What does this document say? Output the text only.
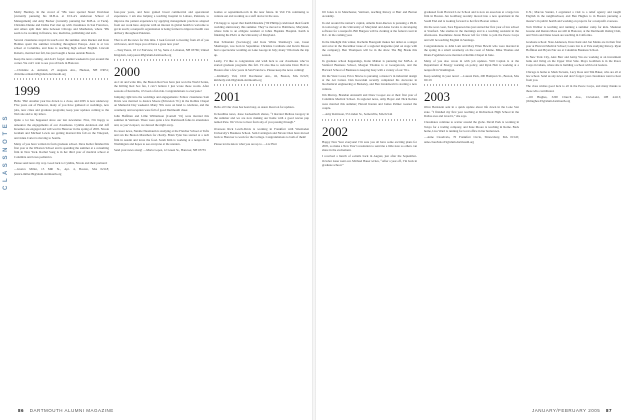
C L A S S N O T E S

Molly Hershey. In the crowd of ’98s were spotted Stuart Davidson (currently pursuing his M.B.A. at UCLA’s Anderson School of Management) and Amy Becker (currently pursuing her M.B.A. at Tuck). Christina Dunne and Dallas Port met up with classmates in San Francisco, and others split their time between Chicago and Manhattan, where ’98s seem to be working in finance, law, medicine, publishing and tech.

Several classmates stayed in touch over the summer. Alex Rucker and Kate Holmes spent the summer traveling throughout Europe. Alex is at law school at Columbia, and Kate is teaching high school English. Lincoln Roberts, married last fall, has just bought a house outside Boston.

Keep the news coming, and don’t forget: alumni weekend is just around the corner. We can’t wait to see you all back in Hanover.

—Christine A. Armand, 27 Augusta Ave., Hudson, NH 03051; christine.armand.98@alum.dartmouth.org

1999

Hello ’99s! Another year has drawn to a close, and 2005 is now underway. Five years out of Hanover, many of you have gathered at weddings, new jobs, new cities and graduate programs; keep your updates coming to the Web site and to my inbox.

Quite a lot has happened since our last newsletter. First, I’m happy to announce the engagements of our classmates. Cynthia Anderson and Jeff Kraemer are engaged and will wed in Hanover in the spring of 2005. Nicole Graham and Michael Lewis are getting married this fall on the Vineyard, and Jenna Carter is moving to Seattle.

Many of you have written in from graduate school. Dave Keller finished his first year at the Wharton School and is spending the summer at a consulting firm in New York. Rachel Song is in her third year of medical school at Columbia and loves pediatrics.

Please send news my way. Good luck to Cynthia, Nicole and their partners!

—Jessica Miller, 15 Mill St., Apt. 4, Boston, MA 02118; jessica.miller.99@alum.dartmouth.org

four-year years, and have gained broad commercial and operational experience. I am also helping a teaching hospital in Lahore, Pakistan, to improve the patient experience by applying management practices adapted from our work here. Anyone with an interest in global health is welcome to get in touch; a nonprofit organization is being formed to improve health care delivery throughout Pakistan.

That is all the news for this time. I look forward to hearing from all of you with news, and I hope you all have a great new year!

—Tony Perez, 18 1/2 Fairview, 10 Sq, Suite 2, Lebanon, NH 03766; United Kingdom, tony.perez.98@alum.dartmouth.org

2000

As I sit and write this, the Boston Red Sox have just won the World Series, the Killing Red Sox fan, I can’t believe I just wrote those words. After seasons of heartache, it’s been a fun ride. Congratulations to everyone!

Jumping right into the weddings and engagements: Fellow classmates Sam Davis was married to Jessica Moore (Princeton ’01) in the Rollins Chapel on Memorial Day weekend. Many ’00s were on hand to celebrate, and the ceremony and reception were full of good Dartmouth cheer.

John Hoffman and Lillie Williamson (Cornell ’01) were married this summer in Vermont. There were quite a few Dartmouth folks in attendance and, as you’d expect, we danced the night away.

In career news, Natalie Nussbaum is studying at the Fletcher School at Tufts and ran the Boston Marathon for charity. Brian Tyler has started at a tech firm in Austin and loves the food. Sarah Kim is working at a nonprofit in Washington and hopes to see everyone at the reunion.

Send your news along! —Maria Lopez, 12 Green St., Hanover, NH 03755

Games or septennium.com in the near future. In Vail I’m continuing to venture out and working as a staff doctor in the area.

I’m happy to report that Keith Dinsdale (’99 Phillips) celebrated their fourth wedding anniversary this summer. They’ve moved to Baltimore, Maryland, where Julia is an obligate resident at Johns Hopkins Hospital. Keith is finishing his Ph.D. at the University of Maryland.

Dan Schneider (Sociology) and Kate White Shanberg’s son, Jason Shanberger, was born in September. Christina Cardinale and Kevin Moore had a spectacular wedding on Lake George in July; many ’00s made the trip up.

Lastly, I’d like to congratulate and wish luck to our classmates who’ve started graduate programs this fall. I’d also like to welcome Dave Holl to Boston after a few years in San Francisco. Please keep the news coming!

—Kimberly Vail, 1010 Dorchester Ave., #2, Boston, MA 02125; kimberly.vail.00@alum.dartmouth.org

2001

Hello all! Our class has been busy, as usual. Read on for updates.

In headline news, Jesse Luckenbach shares, “I married Melissa Gregory in the summer and we are now making our home with a good rescue pup named Pete. We’d love to hear from any of you passing through.”

Overseas Rick Lesch-Davis is working in Frankfurt with Wiesbaden University’s Business School. Sam Carrington and Nicole Chen have moved back to Hanover to work for the College. Congratulations to both of them!

Please let me know what you are up to. —Liz Hart

Jill Jones is in Manchester, Vermont, teaching history at Burr and Burton Academy.

In and around the nation’s capital, Amelia Katz-Reeves is pursuing a Ph.D. in toxicology at the University of Maryland and Anna Jacobs is developing software for a nonprofit. Bill Burgess will be clerking at the federal court in D.C. in the coming year.

In the limelight this winter, Rachelle Bourgault makes her debut as a singer and actor in the December issue of a regional magazine (and on stage with the company). Ben Thompson will be in the show The Big Break this season.

In graduate school happenings, Katie Mahon is pursuing her M.B.A. at Stanford Business School, Morgan Thomas is at Georgetown, and the Harvard School of Business is keeping busy with a variety of our ’01s.

On the West Coast, Erica Shreve is pursuing a master’s in industrial design at the Art Center. Dan Kowalski recently completed his doctorate in biochemical engineering at Berkeley, and Ben Lindenwald is starting a new venture.

Jim Murray, Brendan Antonelli and Drew Cooper are at their first year of Columbia Medical School. In regional news, Amy Boyer and Nick Robles were married this summer; Harold Kieran and James Palmer toasted the couple.

—Amy Robinson, 55 Linden St., Somerville, MA 02144

2002

Happy New Year everyone! I’m sure you all have some exciting plans for 2005, so make a New Year’s resolution to send me a little note so others can share in the excitement.

I received a bunch of e-mails back in August, just after the September-October issue went out. Michael Bauer writes, “After a year off, I’m back in graduate school.”

graduated from Harvard Law School and is now an associate at a large law firm in Boston. Jen Goldberg recently moved into a new apartment in the South End and is looking forward to her first Boston winter.

On the west coast, Sara Epperson has just started her first year of law school at Stanford. She studies in the mornings and is a teaching assistant in the afternoons. Roommate Jessie Bower left for Chile to join the Peace Corps and will be teaching English in Santiago.

Congratulations to John Lam and Mary Ellen Hewitt who were married in the spring in a small ceremony on the coast of Maine. Mike Thomas and Diana Fogelman were married at Rollins Chapel in June.

Many of you also wrote in with job updates. Will Caplan is at the Department of Energy working on policy, and Ryan Holt is working at a nonprofit in Washington.

Keep sending in your news! —Lauren Park, 200 Hampton St., Boston, MA 02119

2003

Olive Bernstein sent in a quick update about life down in the Lone Star state. “I finished my first year teaching at Richardson High School in the Dallas area and loved it,” she says.

Classmates continue to scatter around the globe. David Park is working in Tokyo for a trading company, and Kate Moore is teaching in Rome. Back home, Lisa Ward is running for local office in her hometown.

—Anne Cloudvalo, 70 Frankfurt Circle, Shrewsbury, MA 01545; anne.cloudvalo.03@alum.dartmouth.org

U.N.; Marcus Sander, I organized a visit to a relief agency and taught English in the neighborhood, and Ben Hughes is in Boston pursuing a master’s in public health and working on projects for a nonprofit overseas.

Tom Webber is teaching and running a summer camp for kids. Shannon Greene and Renata Moss are still in Hanover, at the Dartmouth Outing Club, and Tricia and Dana Green are teaching in California.

Graduate school: Nate Anderson, Dave Kent and Jon Marks are in their first year at Harvard Medical School; Laura Lin is at Yale studying history. Ryan Hoffman and Bryan Fair are at Columbia Business School.

In New York City, Alex Barr and Jenny Wu are working at an investment bank and living on the Upper West Side. Maya Goldman is in the Peace Corps in Ghana, where she is building a school with local leaders.

Chicago is home to Mark Stevens, Lucy Ross and Tim Baker, who are all at law school. Send us any news and don’t forget: your classmates want to hear from you.

The class wishes good luck to all in the Peace Corps, and many thanks to those who contributed.

—Jill Hughes, 3200 Church Ave., Cleveland, OH 44113; jill.hughes.03@alum.dartmouth.org

86 DARTMOUTH ALUMNI MAGAZINE	JANUARY/FEBRUARY 2005 87
